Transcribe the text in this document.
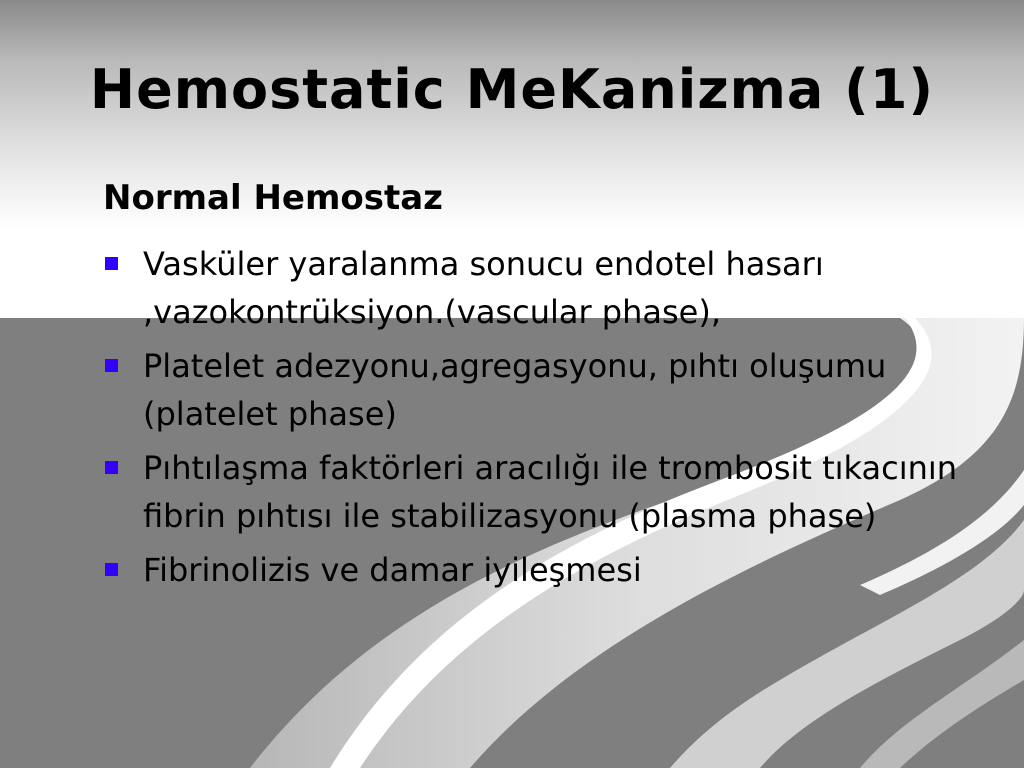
Hemostatic MeKanizma (1)
Normal Hemostaz
Vasküler yaralanma sonucu endotel hasarı ,vazokontrüksiyon.(vascular phase),
Platelet adezyonu,agregasyonu, pıhtı oluşumu (platelet phase)
Pıhtılaşma faktörleri aracılığı ile trombosit tıkacının fibrin pıhtısı ile stabilizasyonu (plasma phase)
Fibrinolizis ve damar iyileşmesi
